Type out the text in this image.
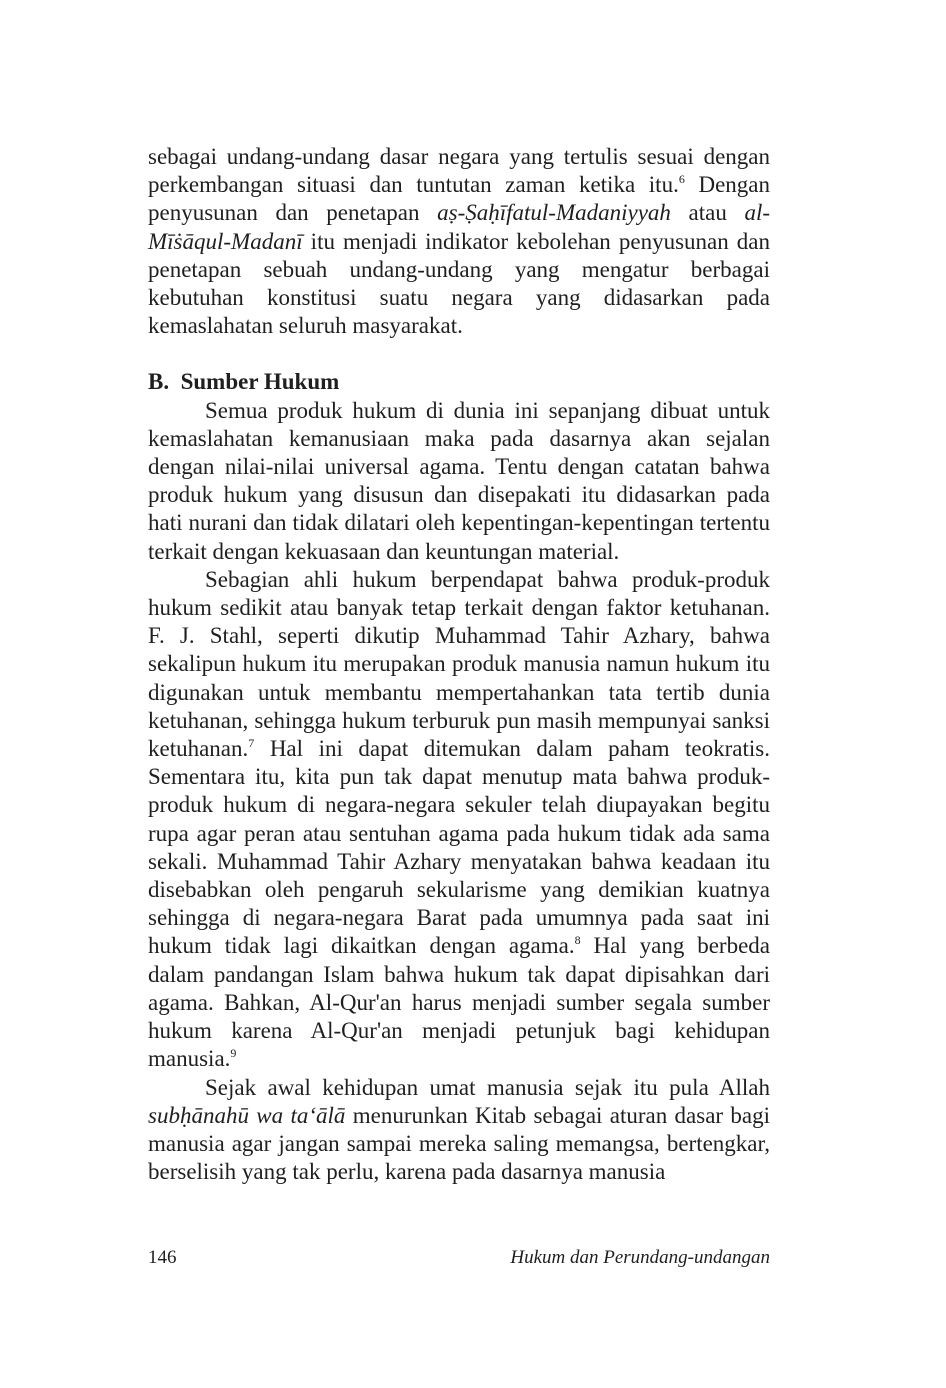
sebagai undang-undang dasar negara yang tertulis sesuai dengan perkembangan situasi dan tuntutan zaman ketika itu.$^6$ Dengan penyusunan dan penetapan aṣ-Ṣaḥīfatul-Madaniyyah atau al-Mīṡāqul-Madanī itu menjadi indikator kebolehan penyusunan dan penetapan sebuah undang-undang yang mengatur berbagai kebutuhan konstitusi suatu negara yang didasarkan pada kemaslahatan seluruh masyarakat.

B.  Sumber Hukum

Semua produk hukum di dunia ini sepanjang dibuat untuk kemaslahatan kemanusiaan maka pada dasarnya akan sejalan dengan nilai-nilai universal agama. Tentu dengan catatan bahwa produk hukum yang disusun dan disepakati itu didasarkan pada hati nurani dan tidak dilatari oleh kepentingan-kepentingan tertentu terkait dengan kekuasaan dan keuntungan material.

Sebagian ahli hukum berpendapat bahwa produk-produk hukum sedikit atau banyak tetap terkait dengan faktor ketuhanan. F. J. Stahl, seperti dikutip Muhammad Tahir Azhary, bahwa sekalipun hukum itu merupakan produk manusia namun hukum itu digunakan untuk membantu mempertahankan tata tertib dunia ketuhanan, sehingga hukum terburuk pun masih mempunyai sanksi ketuhanan.$^7$ Hal ini dapat ditemukan dalam paham teokratis. Sementara itu, kita pun tak dapat menutup mata bahwa produk-produk hukum di negara-negara sekuler telah diupayakan begitu rupa agar peran atau sentuhan agama pada hukum tidak ada sama sekali. Muhammad Tahir Azhary menyatakan bahwa keadaan itu disebabkan oleh pengaruh sekularisme yang demikian kuatnya sehingga di negara-negara Barat pada umumnya pada saat ini hukum tidak lagi dikaitkan dengan agama.$^8$ Hal yang berbeda dalam pandangan Islam bahwa hukum tak dapat dipisahkan dari agama. Bahkan, Al-Qur'an harus menjadi sumber segala sumber hukum karena Al-Qur'an menjadi petunjuk bagi kehidupan manusia.$^9$

Sejak awal kehidupan umat manusia sejak itu pula Allah subḥānahū wa ta‘ālā menurunkan Kitab sebagai aturan dasar bagi manusia agar jangan sampai mereka saling memangsa, bertengkar, berselisih yang tak perlu, karena pada dasarnya manusia

146	Hukum dan Perundang-undangan
